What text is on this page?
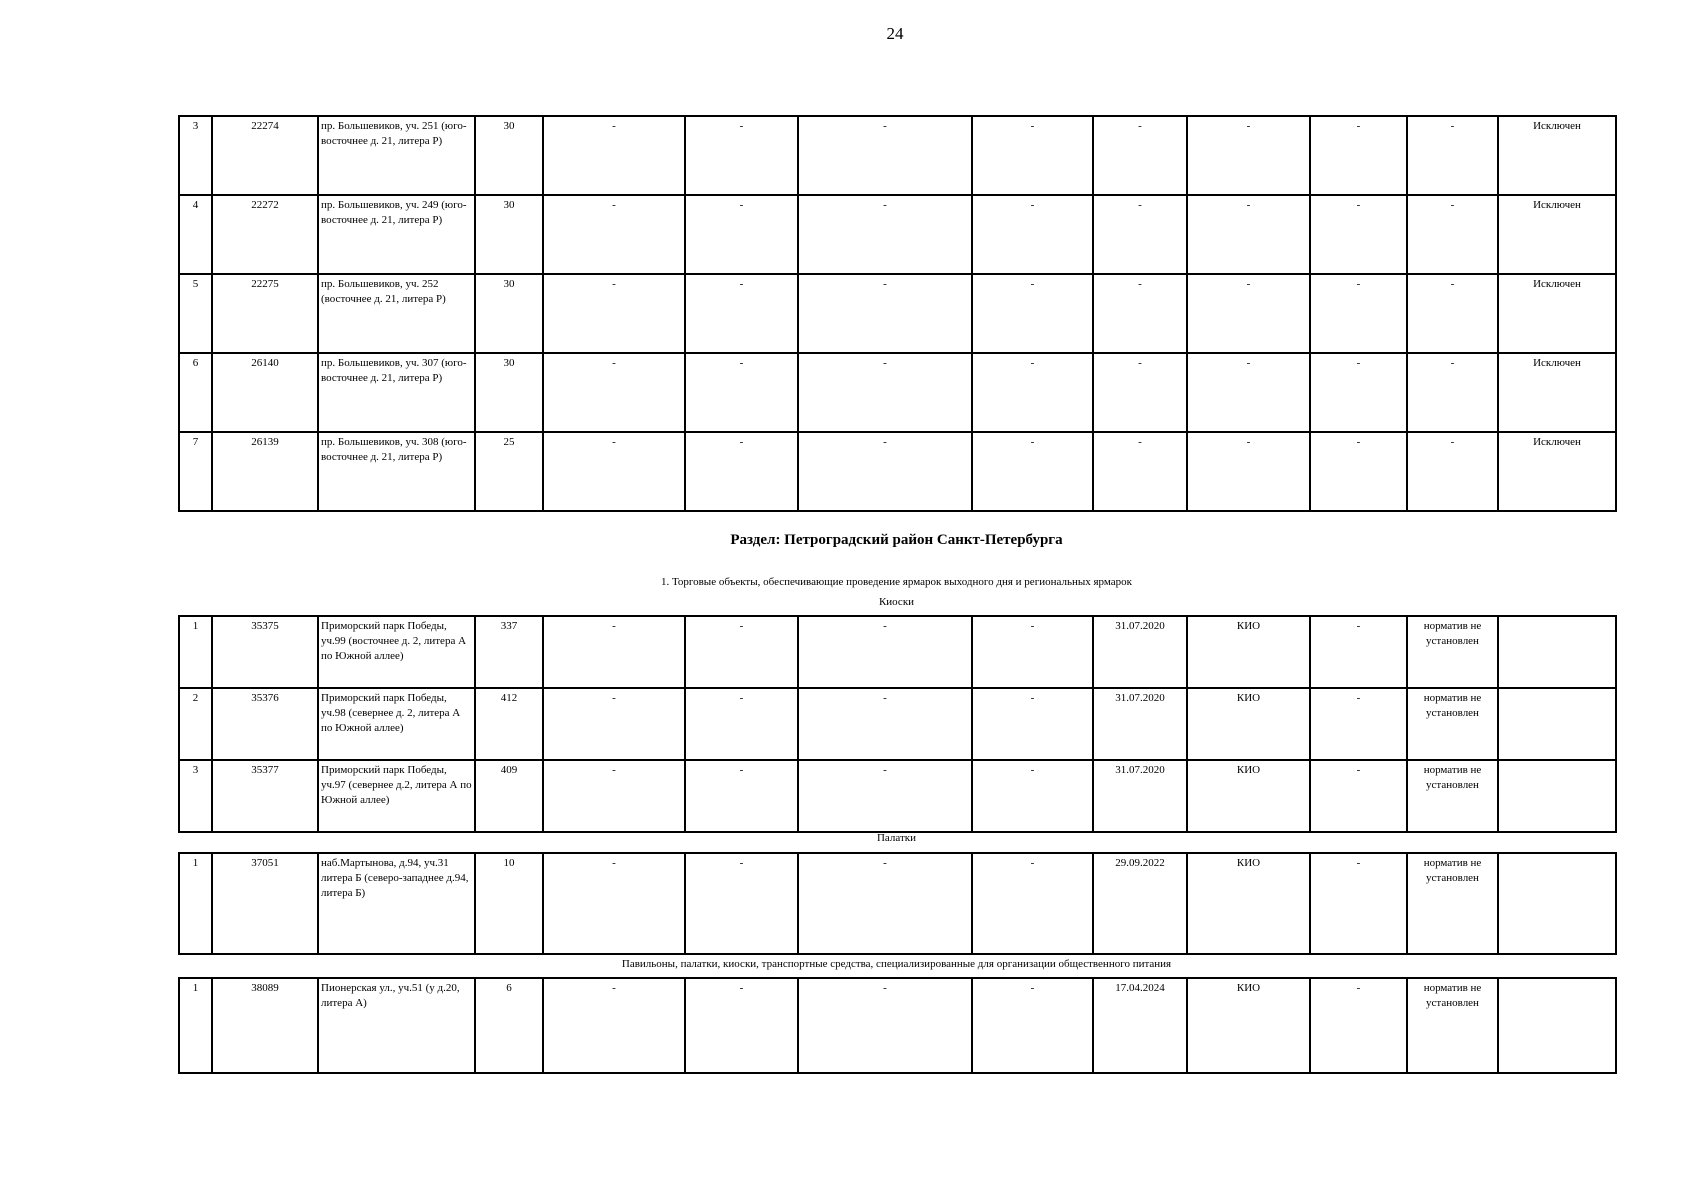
24
3	22274	пр. Большевиков, уч. 251 (юго-восточнее д. 21, литера Р)	30	-	-	-	-	-	-	-	-	Исключен
4	22272	пр. Большевиков, уч. 249 (юго-восточнее д. 21, литера Р)	30	-	-	-	-	-	-	-	-	Исключен
5	22275	пр. Большевиков, уч. 252 (восточнее д. 21, литера Р)	30	-	-	-	-	-	-	-	-	Исключен
6	26140	пр. Большевиков, уч. 307 (юго-восточнее д. 21, литера Р)	30	-	-	-	-	-	-	-	-	Исключен
7	26139	пр. Большевиков, уч. 308 (юго-восточнее д. 21, литера Р)	25	-	-	-	-	-	-	-	-	Исключен
Раздел: Петроградский район Санкт-Петербурга
1. Торговые объекты, обеспечивающие проведение ярмарок выходного дня и региональных ярмарок
Киоски
1	35375	Приморский парк Победы, уч.99 (восточнее д. 2, литера А по Южной аллее)	337	-	-	-	-	31.07.2020	КИО	-	норматив не установлен	
2	35376	Приморский парк Победы, уч.98 (севернее д. 2, литера А по Южной аллее)	412	-	-	-	-	31.07.2020	КИО	-	норматив не установлен	
3	35377	Приморский парк Победы, уч.97 (севернее д.2, литера А по Южной аллее)	409	-	-	-	-	31.07.2020	КИО	-	норматив не установлен	
Палатки
1	37051	наб.Мартынова, д.94, уч.31 литера Б (северо-западнее д.94, литера Б)	10	-	-	-	-	29.09.2022	КИО	-	норматив не установлен	
Павильоны, палатки, киоски, транспортные средства, специализированные для организации общественного питания
1	38089	Пионерская ул., уч.51 (у д.20, литера А)	6	-	-	-	-	17.04.2024	КИО	-	норматив не установлен	
